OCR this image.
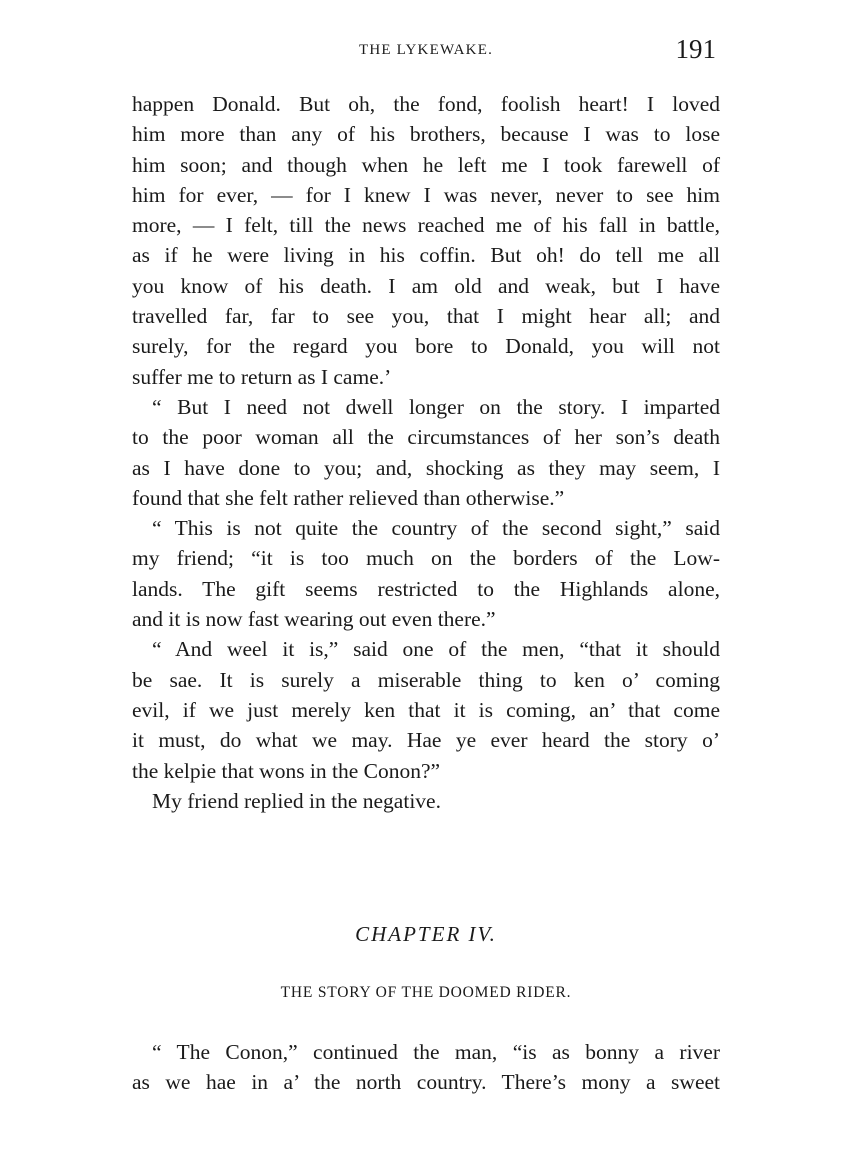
THE LYKEWAKE.	191
happen Donald. But oh, the fond, foolish heart! I loved
him more than any of his brothers, because I was to lose
him soon; and though when he left me I took farewell of
him for ever, — for I knew I was never, never to see him
more, — I felt, till the news reached me of his fall in battle,
as if he were living in his coffin. But oh! do tell me all
you know of his death. I am old and weak, but I have
travelled far, far to see you, that I might hear all; and
surely, for the regard you bore to Donald, you will not
suffer me to return as I came.’
“ But I need not dwell longer on the story. I imparted
to the poor woman all the circumstances of her son’s death
as I have done to you; and, shocking as they may seem, I
found that she felt rather relieved than otherwise.”
“ This is not quite the country of the second sight,” said
my friend; “it is too much on the borders of the Low-
lands. The gift seems restricted to the Highlands alone,
and it is now fast wearing out even there.”
“ And weel it is,” said one of the men, “that it should
be sae. It is surely a miserable thing to ken o’ coming
evil, if we just merely ken that it is coming, an’ that come
it must, do what we may. Hae ye ever heard the story o’
the kelpie that wons in the Conon?”
My friend replied in the negative.
CHAPTER IV.
THE STORY OF THE DOOMED RIDER.
“ The Conon,” continued the man, “is as bonny a river
as we hae in a’ the north country. There’s mony a sweet
